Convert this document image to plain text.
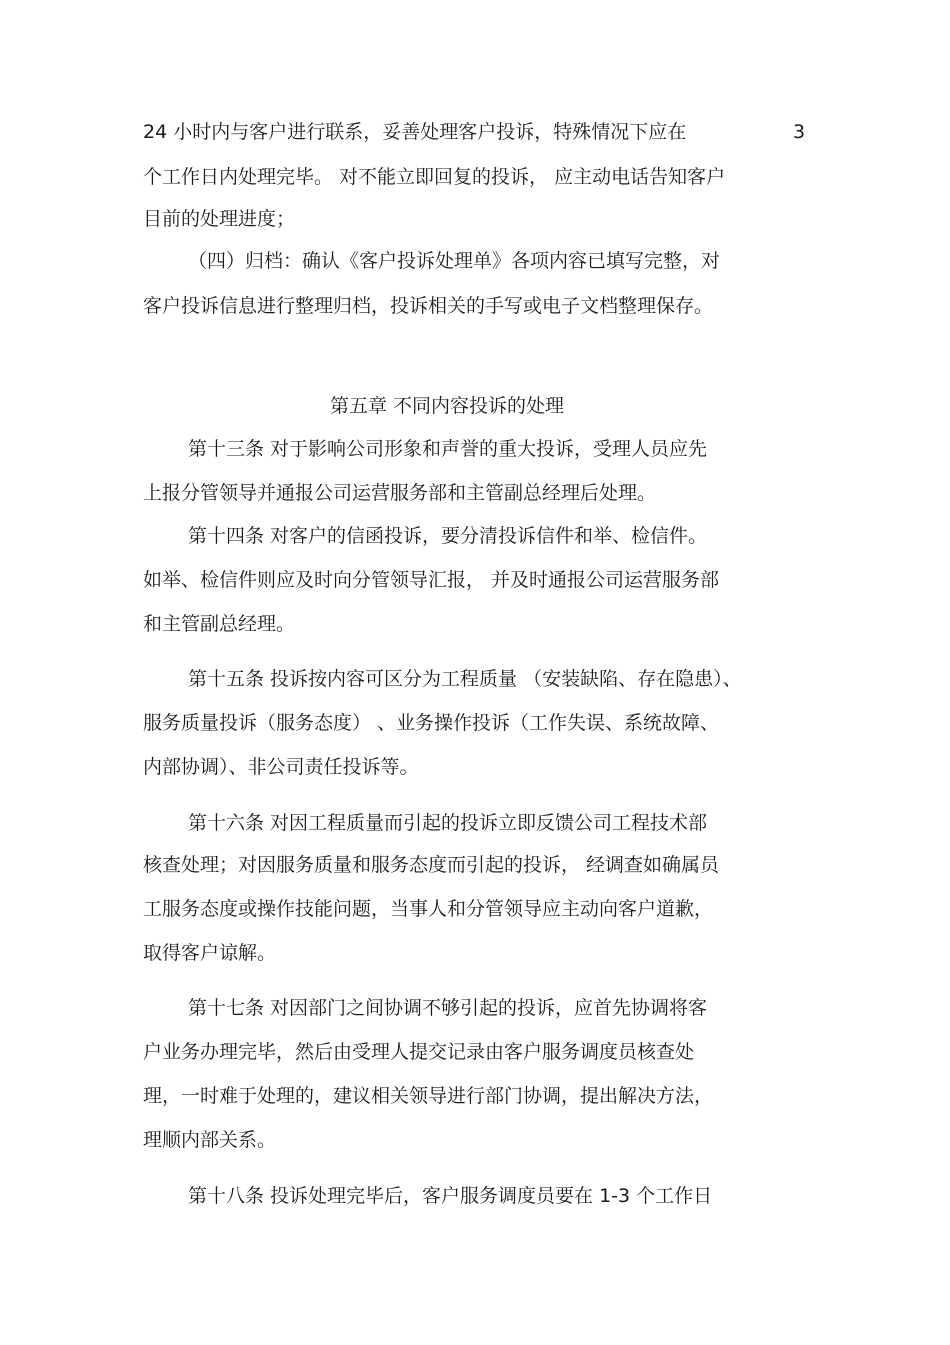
24 小时内与客户进行联系，妥善处理客户投诉，特殊情况下应在	3
个工作日内处理完毕。 对不能立即回复的投诉， 应主动电话告知客户
目前的处理进度；
（四）归档：确认《客户投诉处理单》各项内容已填写完整，对
客户投诉信息进行整理归档，投诉相关的手写或电子文档整理保存。
第五章 不同内容投诉的处理
第十三条 对于影响公司形象和声誉的重大投诉，受理人员应先
上报分管领导并通报公司运营服务部和主管副总经理后处理。
第十四条 对客户的信函投诉，要分清投诉信件和举、检信件。
如举、检信件则应及时向分管领导汇报， 并及时通报公司运营服务部
和主管副总经理。
第十五条 投诉按内容可区分为工程质量 （安装缺陷、存在隐患）、
服务质量投诉（服务态度） 、业务操作投诉（工作失误、系统故障、
内部协调）、非公司责任投诉等。
第十六条 对因工程质量而引起的投诉立即反馈公司工程技术部
核查处理；对因服务质量和服务态度而引起的投诉， 经调查如确属员
工服务态度或操作技能问题，当事人和分管领导应主动向客户道歉，
取得客户谅解。
第十七条 对因部门之间协调不够引起的投诉，应首先协调将客
户业务办理完毕，然后由受理人提交记录由客户服务调度员核查处
理，一时难于处理的，建议相关领导进行部门协调，提出解决方法，
理顺内部关系。
第十八条 投诉处理完毕后，客户服务调度员要在 1-3 个工作日
